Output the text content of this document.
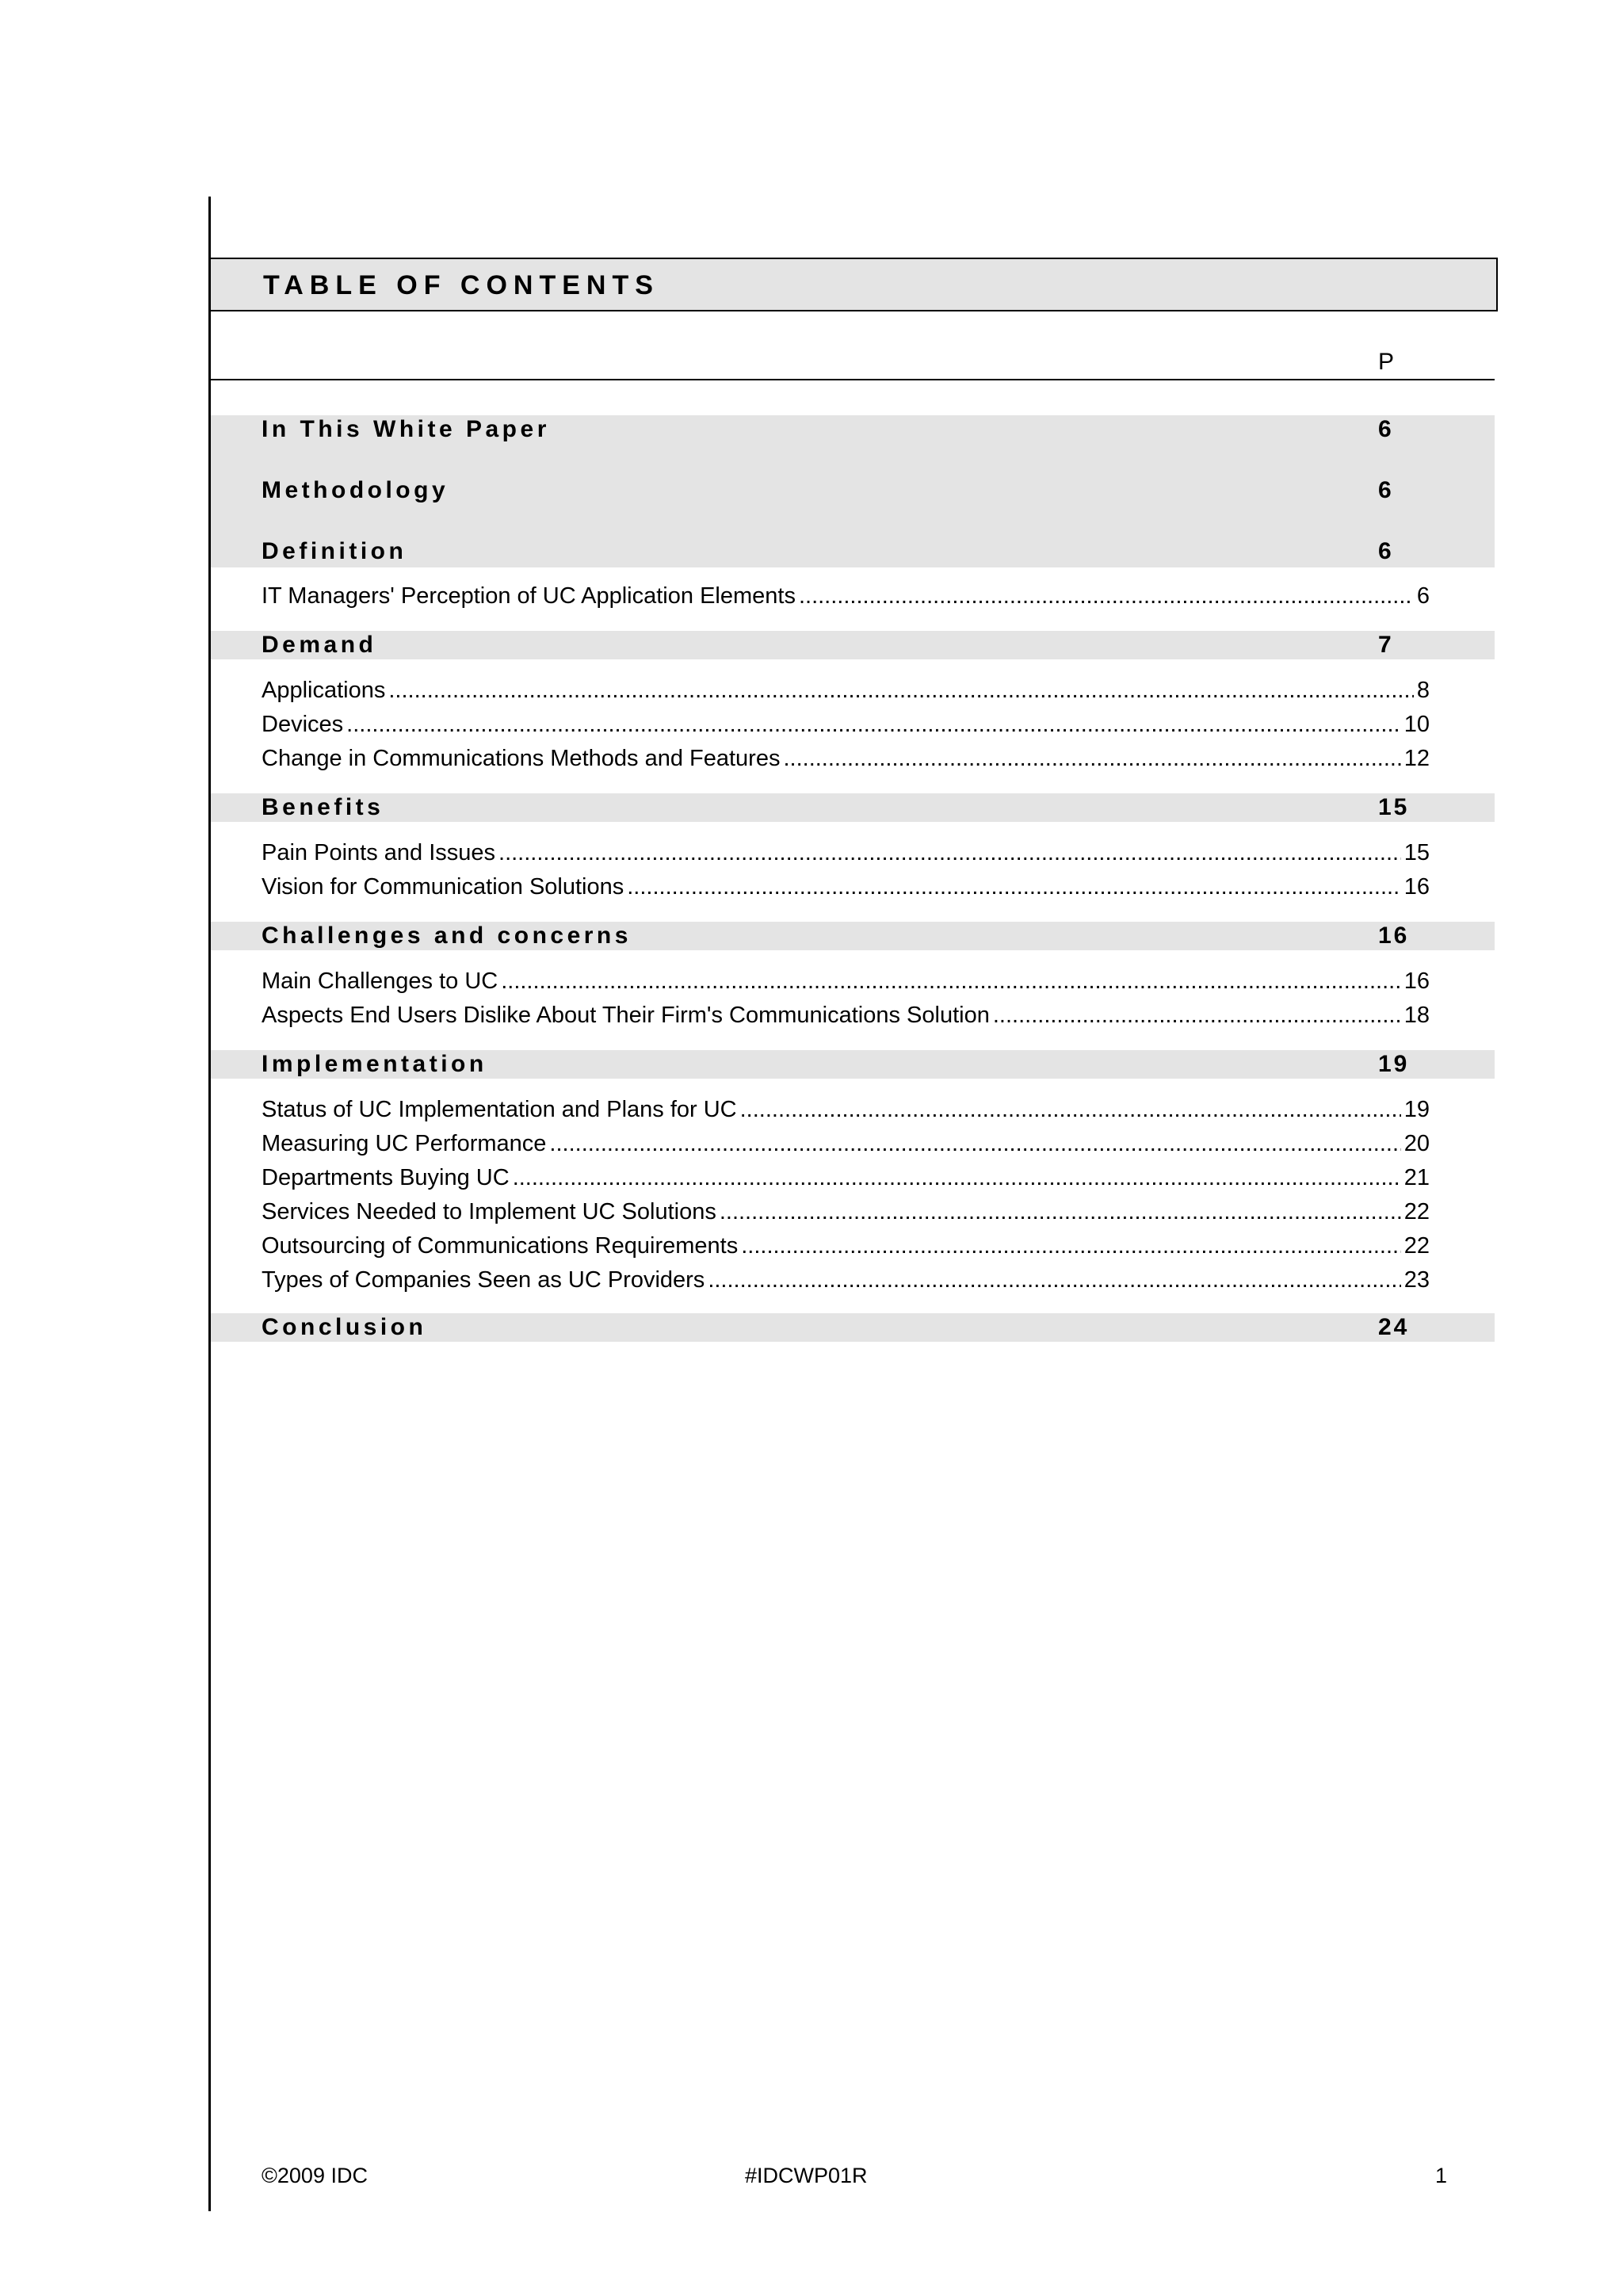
TABLE OF CONTENTS
P
In This White Paper	6
Methodology	6
Definition	6
IT Managers' Perception of UC Application Elements .....	6
Demand	7
Applications .....	8
Devices .....	10
Change in Communications Methods and Features .....	12
Benefits	15
Pain Points and Issues .....	15
Vision for Communication Solutions .....	16
Challenges and concerns	16
Main Challenges to UC .....	16
Aspects End Users Dislike About Their Firm's Communications Solution .....	18
Implementation	19
Status of UC Implementation and Plans for UC .....	19
Measuring UC Performance .....	20
Departments Buying UC .....	21
Services Needed to Implement UC Solutions .....	22
Outsourcing of Communications Requirements .....	22
Types of Companies Seen as UC Providers .....	23
Conclusion	24
©2009 IDC	#IDCWP01R	1
